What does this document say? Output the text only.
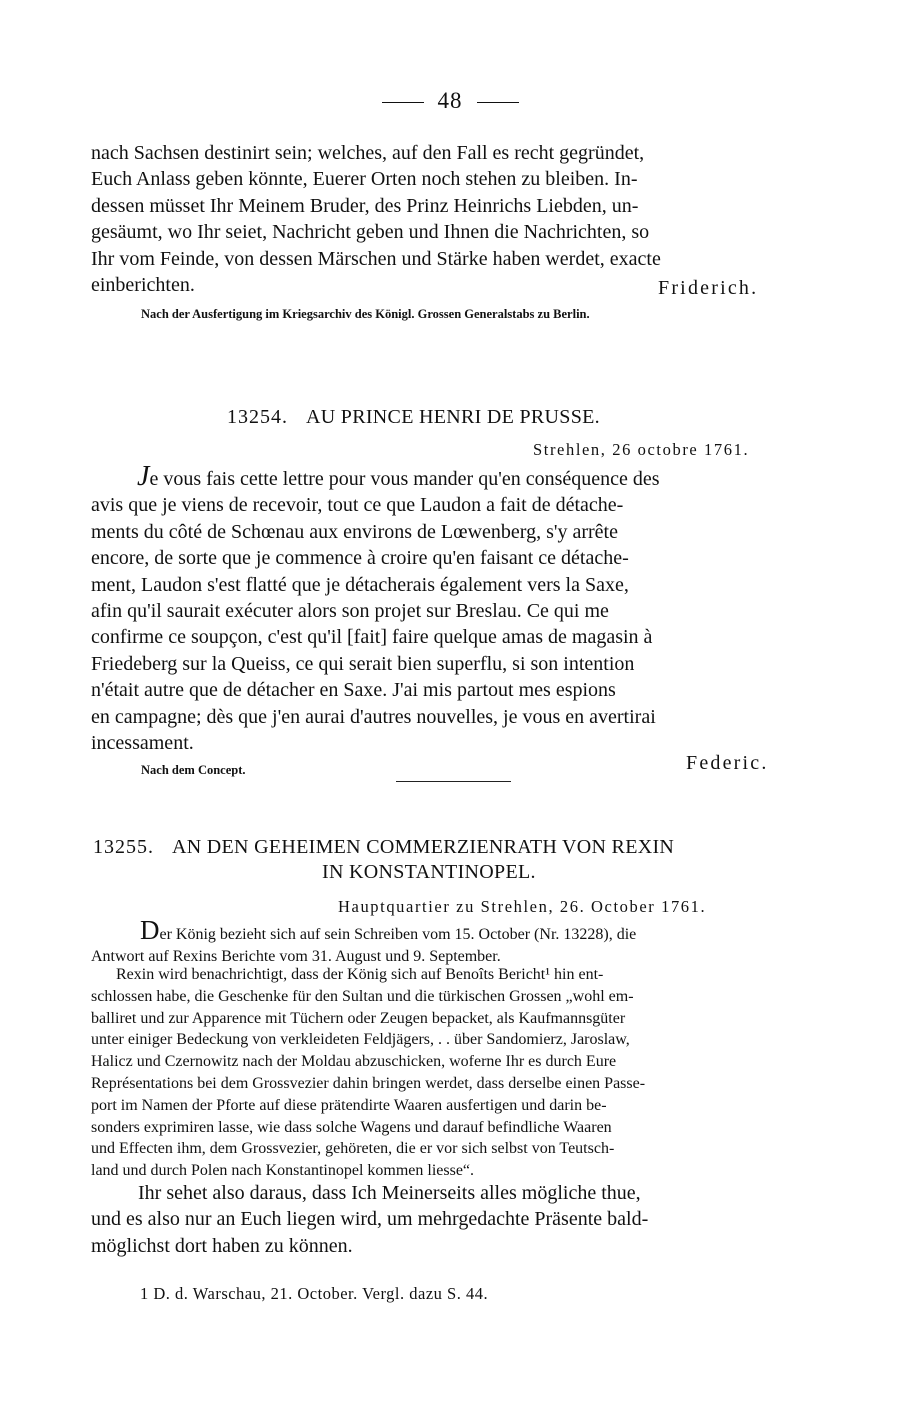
48
nach Sachsen destinirt sein; welches, auf den Fall es recht gegründet,
Euch Anlass geben könnte, Euerer Orten noch stehen zu bleiben. In-
dessen müsset Ihr Meinem Bruder, des Prinz Heinrichs Liebden, un-
gesäumt, wo Ihr seiet, Nachricht geben und Ihnen die Nachrichten, so
Ihr vom Feinde, von dessen Märschen und Stärke haben werdet, exacte
einberichten.	Friderich.
Nach der Ausfertigung im Kriegsarchiv des Königl. Grossen Generalstabs zu Berlin.
13254. AU PRINCE HENRI DE PRUSSE.
Strehlen, 26 octobre 1761.
Je vous fais cette lettre pour vous mander qu'en conséquence des
avis que je viens de recevoir, tout ce que Laudon a fait de détache-
ments du côté de Schœnau aux environs de Lœwenberg, s'y arrête
encore, de sorte que je commence à croire qu'en faisant ce détache-
ment, Laudon s'est flatté que je détacherais également vers la Saxe,
afin qu'il saurait exécuter alors son projet sur Breslau. Ce qui me
confirme ce soupçon, c'est qu'il [fait] faire quelque amas de magasin à
Friedeberg sur la Queiss, ce qui serait bien superflu, si son intention
n'était autre que de détacher en Saxe. J'ai mis partout mes espions
en campagne; dès que j'en aurai d'autres nouvelles, je vous en avertirai
incessament.
Nach dem Concept.	Federic.
13255. AN DEN GEHEIMEN COMMERZIENRATH VON REXIN
IN KONSTANTINOPEL.
Hauptquartier zu Strehlen, 26. October 1761.
Der König bezieht sich auf sein Schreiben vom 15. October (Nr. 13228), die
Antwort auf Rexins Berichte vom 31. August und 9. September.
Rexin wird benachrichtigt, dass der König sich auf Benoîts Bericht¹ hin ent-
schlossen habe, die Geschenke für den Sultan und die türkischen Grossen „wohl em-
balliret und zur Apparence mit Tüchern oder Zeugen bepacket, als Kaufmannsgüter
unter einiger Bedeckung von verkleideten Feldjägers, . . über Sandomierz, Jaroslaw,
Halicz und Czernowitz nach der Moldau abzuschicken, woferne Ihr es durch Eure
Représentations bei dem Grossvezier dahin bringen werdet, dass derselbe einen Passe-
port im Namen der Pforte auf diese prätendirte Waaren ausfertigen und darin be-
sonders exprimiren lasse, wie dass solche Wagens und darauf befindliche Waaren
und Effecten ihm, dem Grossvezier, gehöreten, die er vor sich selbst von Teutsch-
land und durch Polen nach Konstantinopel kommen liesse“.
Ihr sehet also daraus, dass Ich Meinerseits alles mögliche thue,
und es also nur an Euch liegen wird, um mehrgedachte Präsente bald-
möglichst dort haben zu können.
1 D. d. Warschau, 21. October. Vergl. dazu S. 44.
